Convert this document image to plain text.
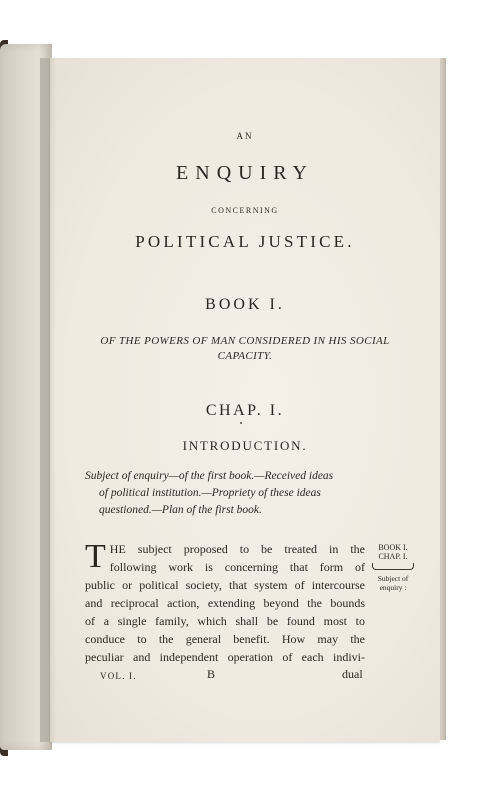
AN
ENQUIRY
CONCERNING
POLITICAL JUSTICE.
BOOK I.
OF THE POWERS OF MAN CONSIDERED IN HIS SOCIAL CAPACITY.
CHAP. I.
INTRODUCTION.
Subject of enquiry—of the first book.—Received ideas
of political institution.—Propriety of these ideas
questioned.—Plan of the first book.
T HE subject proposed to be treated in the
following work is concerning that form of
public or political society, that system of intercourse
and reciprocal action, extending beyond the bounds
of a single family, which shall be found most to
conduce to the general benefit. How may the
peculiar and independent operation of each indivi-
BOOK I.
CHAP. I.
Subject of
enquiry :
VOL. I.	B	dual
